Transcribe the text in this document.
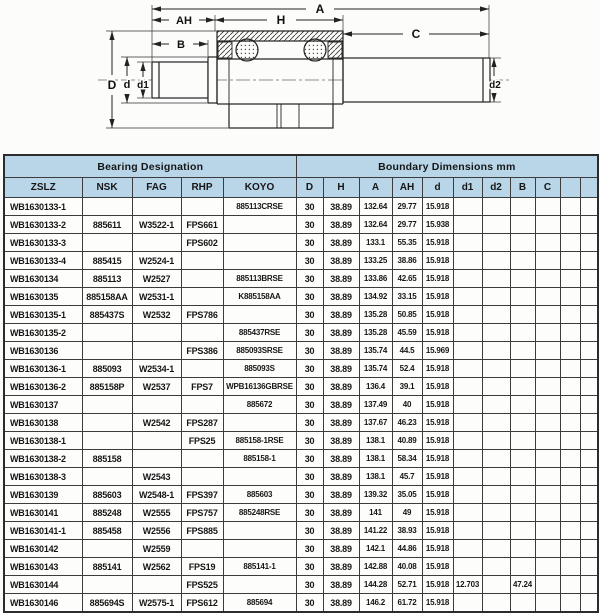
A
AH	H
C
B
D d d1	d2
Bearing Designation					Boundary Dimensions mm										
ZSLZ	NSK	FAG	RHP	KOYO	D	H	A	AH	d	d1	d2	B	C		
WB1630133-1				885113CRSE	30	38.89	132.64	29.77	15.918						
WB1630133-2	885611	W3522-1	FPS661		30	38.89	132.64	29.77	15.938						
WB1630133-3			FPS602		30	38.89	133.1	55.35	15.918						
WB1630133-4	885415	W2524-1			30	38.89	133.25	38.86	15.918						
WB1630134	885113	W2527		885113BRSE	30	38.89	133.86	42.65	15.918						
WB1630135	885158AA	W2531-1		K885158AA	30	38.89	134.92	33.15	15.918						
WB1630135-1	885437S	W2532	FPS786		30	38.89	135.28	50.85	15.918						
WB1630135-2				885437RSE	30	38.89	135.28	45.59	15.918						
WB1630136			FPS386	885093SRSE	30	38.89	135.74	44.5	15.969						
WB1630136-1	885093	W2534-1		885093S	30	38.89	135.74	52.4	15.918						
WB1630136-2	885158P	W2537	FPS7	WPB16136GBRSE	30	38.89	136.4	39.1	15.918						
WB1630137				885672	30	38.89	137.49	40	15.918						
WB1630138		W2542	FPS287		30	38.89	137.67	46.23	15.918						
WB1630138-1			FPS25	885158-1RSE	30	38.89	138.1	40.89	15.918						
WB1630138-2	885158			885158-1	30	38.89	138.1	58.34	15.918						
WB1630138-3		W2543			30	38.89	138.1	45.7	15.918						
WB1630139	885603	W2548-1	FPS397	885603	30	38.89	139.32	35.05	15.918						
WB1630141	885248	W2555	FPS757	885248RSE	30	38.89	141	49	15.918						
WB1630141-1	885458	W2556	FPS885		30	38.89	141.22	38.93	15.918						
WB1630142		W2559			30	38.89	142.1	44.86	15.918						
WB1630143	885141	W2562	FPS19	885141-1	30	38.89	142.88	40.08	15.918						
WB1630144			FPS525		30	38.89	144.28	52.71	15.918	12.703		47.24			
WB1630146	885694S	W2575-1	FPS612	885694	30	38.89	146.2	61.72	15.918						
